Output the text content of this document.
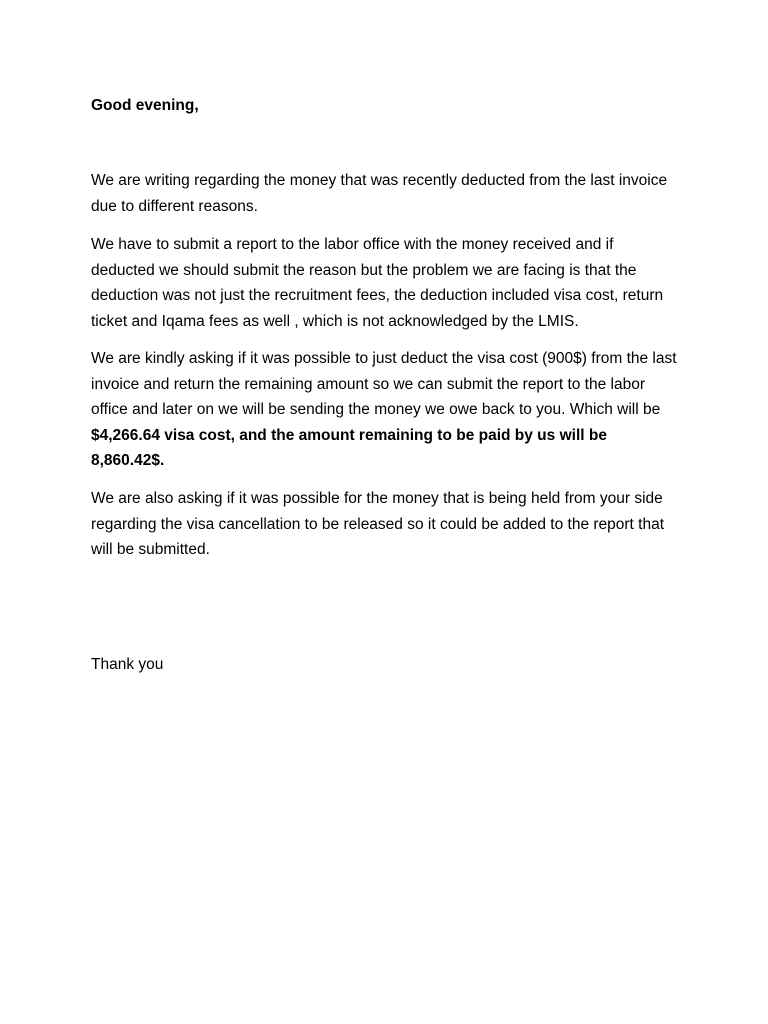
Good evening,

We are writing regarding the money that was recently deducted from the last invoice due to different reasons.

We have to submit a report to the labor office with the money received and if deducted we should submit the reason but the problem we are facing is that the deduction was not just the recruitment fees, the deduction included visa cost, return ticket and Iqama fees as well , which is not acknowledged by the LMIS.

We are kindly asking if it was possible to just deduct the visa cost (900$) from the last invoice and return the remaining amount so we can submit the report to the labor office and later on we will be sending the money we owe back to you. Which will be $4,266.64 visa cost, and the amount remaining to be paid by us will be 8,860.42$.

We are also asking if it was possible for the money that is being held from your side regarding the visa cancellation to be released so it could be added to the report that will be submitted.

Thank you
